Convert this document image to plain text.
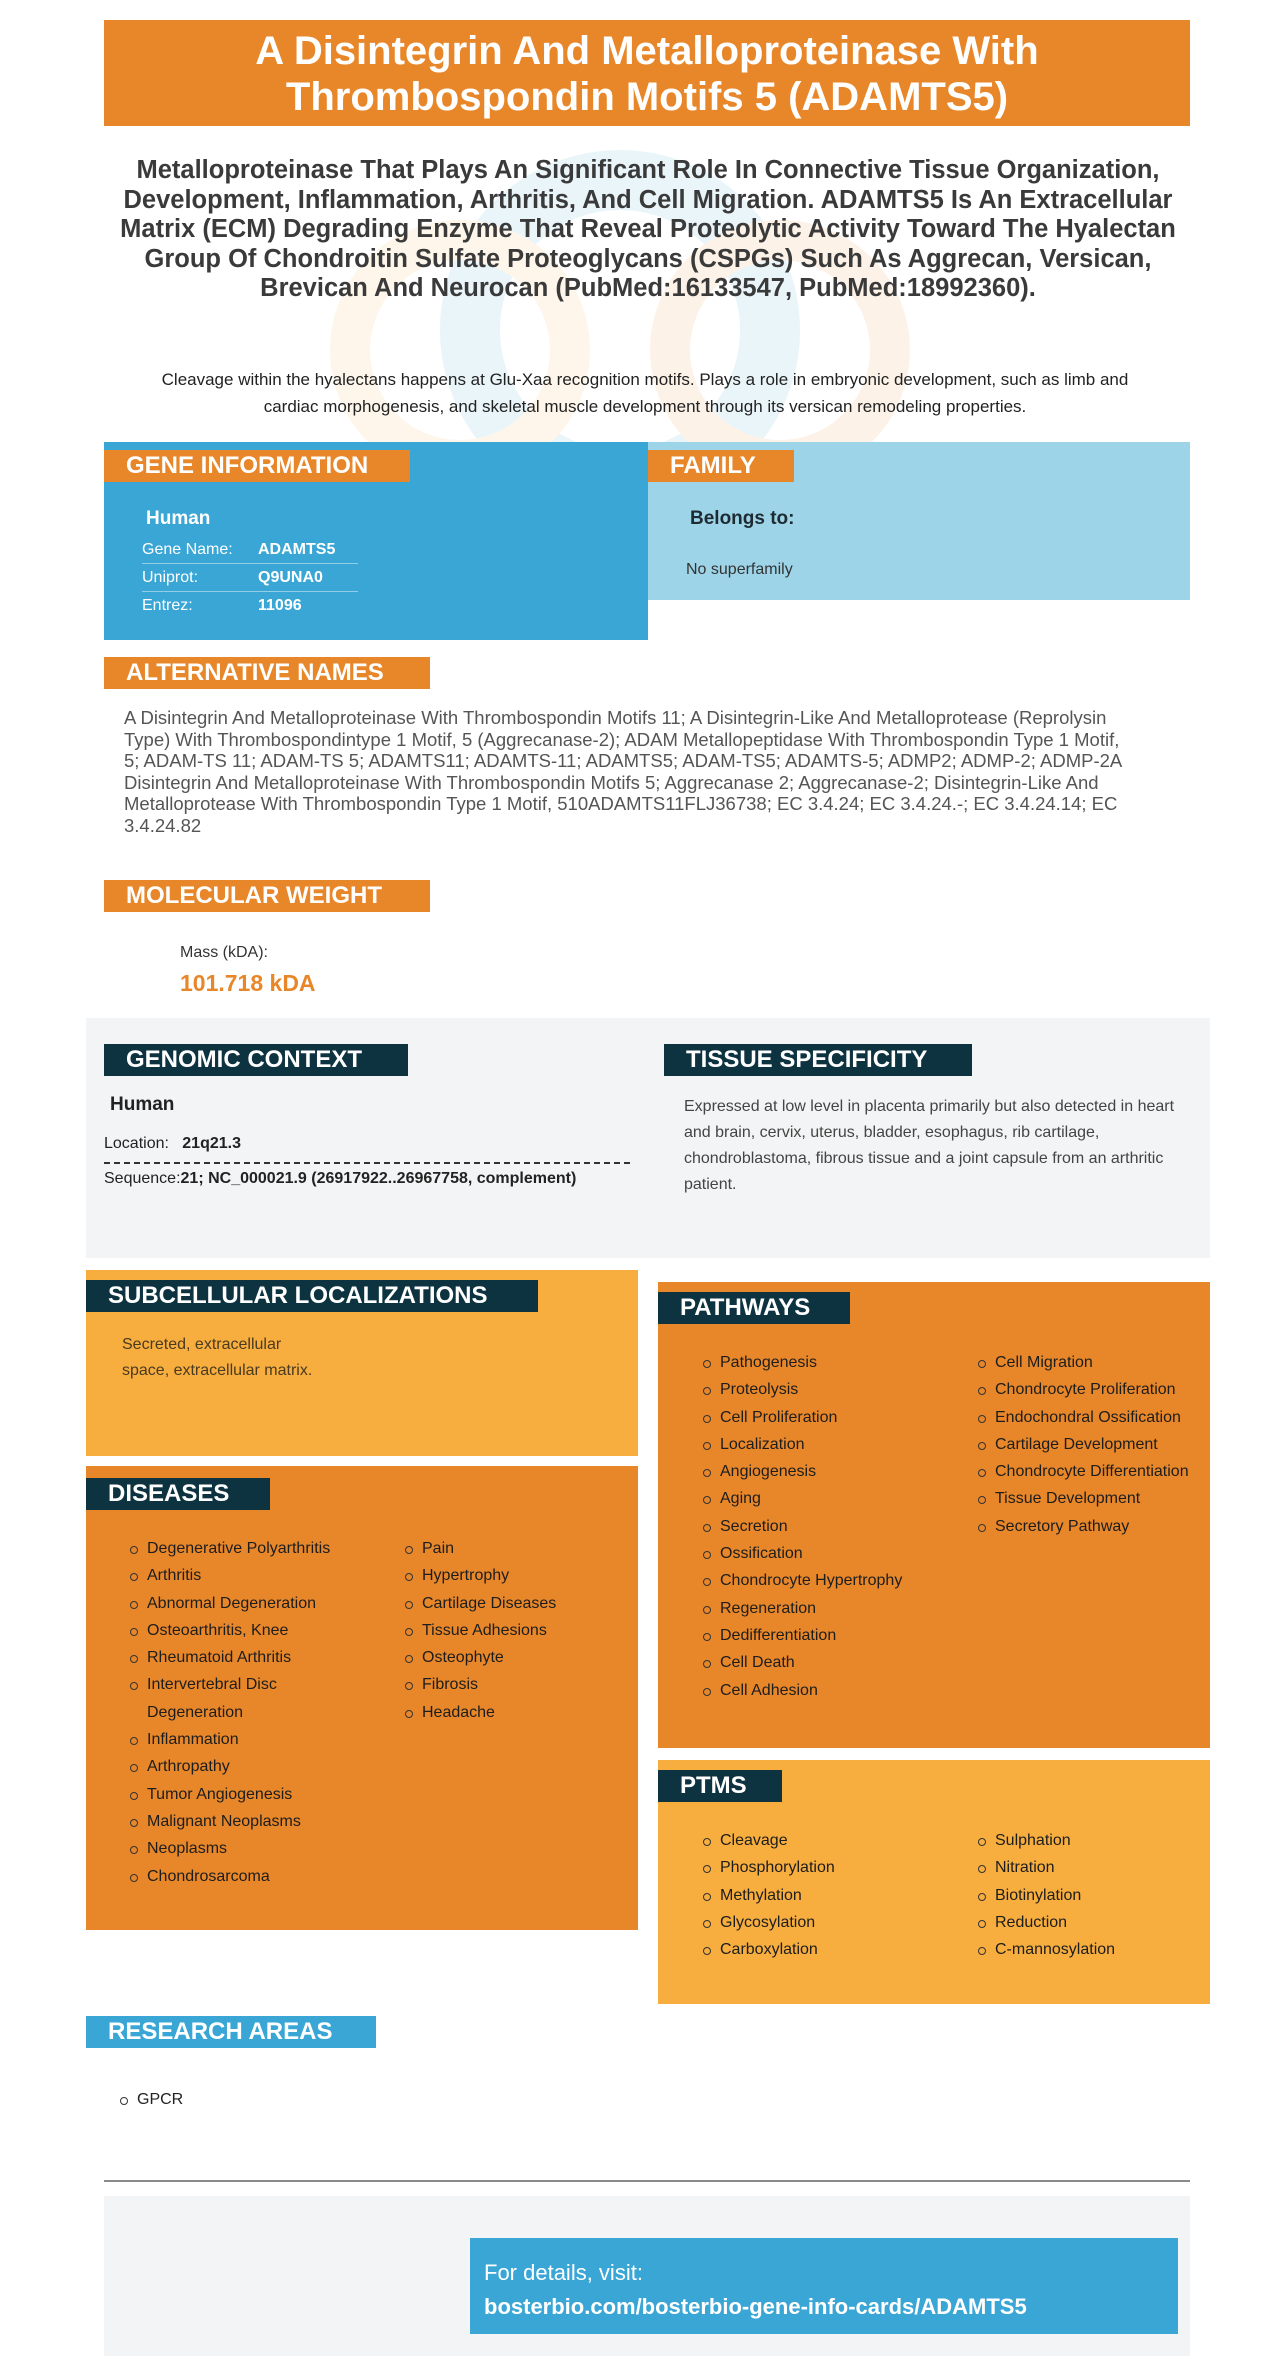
A Disintegrin And Metalloproteinase With Thrombospondin Motifs 5 (ADAMTS5)
Metalloproteinase That Plays An Significant Role In Connective Tissue Organization, Development, Inflammation, Arthritis, And Cell Migration. ADAMTS5 Is An Extracellular Matrix (ECM) Degrading Enzyme That Reveal Proteolytic Activity Toward The Hyalectan Group Of Chondroitin Sulfate Proteoglycans (CSPGs) Such As Aggrecan, Versican, Brevican And Neurocan (PubMed:16133547, PubMed:18992360).
Cleavage within the hyalectans happens at Glu-Xaa recognition motifs. Plays a role in embryonic development, such as limb and cardiac morphogenesis, and skeletal muscle development through its versican remodeling properties.
GENE INFORMATION
Human
Gene Name:	ADAMTS5
Uniprot:	Q9UNA0
Entrez:	11096
FAMILY
Belongs to:
No superfamily
ALTERNATIVE NAMES
A Disintegrin And Metalloproteinase With Thrombospondin Motifs 11; A Disintegrin-Like And Metalloprotease (Reprolysin Type) With Thrombospondintype 1 Motif, 5 (Aggrecanase-2); ADAM Metallopeptidase With Thrombospondin Type 1 Motif, 5; ADAM-TS 11; ADAM-TS 5; ADAMTS11; ADAMTS-11; ADAMTS5; ADAM-TS5; ADAMTS-5; ADMP2; ADMP-2; ADMP-2A Disintegrin And Metalloproteinase With Thrombospondin Motifs 5; Aggrecanase 2; Aggrecanase-2; Disintegrin-Like And Metalloprotease With Thrombospondin Type 1 Motif, 510ADAMTS11FLJ36738; EC 3.4.24; EC 3.4.24.-; EC 3.4.24.14; EC 3.4.24.82
MOLECULAR WEIGHT
Mass (kDA):
101.718 kDA
GENOMIC CONTEXT
Human
Location: 21q21.3
Sequence:21; NC_000021.9 (26917922..26967758, complement)
TISSUE SPECIFICITY
Expressed at low level in placenta primarily but also detected in heart and brain, cervix, uterus, bladder, esophagus, rib cartilage, chondroblastoma, fibrous tissue and a joint capsule from an arthritic patient.
SUBCELLULAR LOCALIZATIONS
Secreted, extracellular space, extracellular matrix.
DISEASES
Degenerative Polyarthritis
Arthritis
Abnormal Degeneration
Osteoarthritis, Knee
Rheumatoid Arthritis
Intervertebral Disc Degeneration
Inflammation
Arthropathy
Tumor Angiogenesis
Malignant Neoplasms
Neoplasms
Chondrosarcoma
Pain
Hypertrophy
Cartilage Diseases
Tissue Adhesions
Osteophyte
Fibrosis
Headache
PATHWAYS
Pathogenesis
Proteolysis
Cell Proliferation
Localization
Angiogenesis
Aging
Secretion
Ossification
Chondrocyte Hypertrophy
Regeneration
Dedifferentiation
Cell Death
Cell Adhesion
Cell Migration
Chondrocyte Proliferation
Endochondral Ossification
Cartilage Development
Chondrocyte Differentiation
Tissue Development
Secretory Pathway
PTMS
Cleavage
Phosphorylation
Methylation
Glycosylation
Carboxylation
Sulphation
Nitration
Biotinylation
Reduction
C-mannosylation
RESEARCH AREAS
GPCR
For details, visit:
bosterbio.com/bosterbio-gene-info-cards/ADAMTS5
